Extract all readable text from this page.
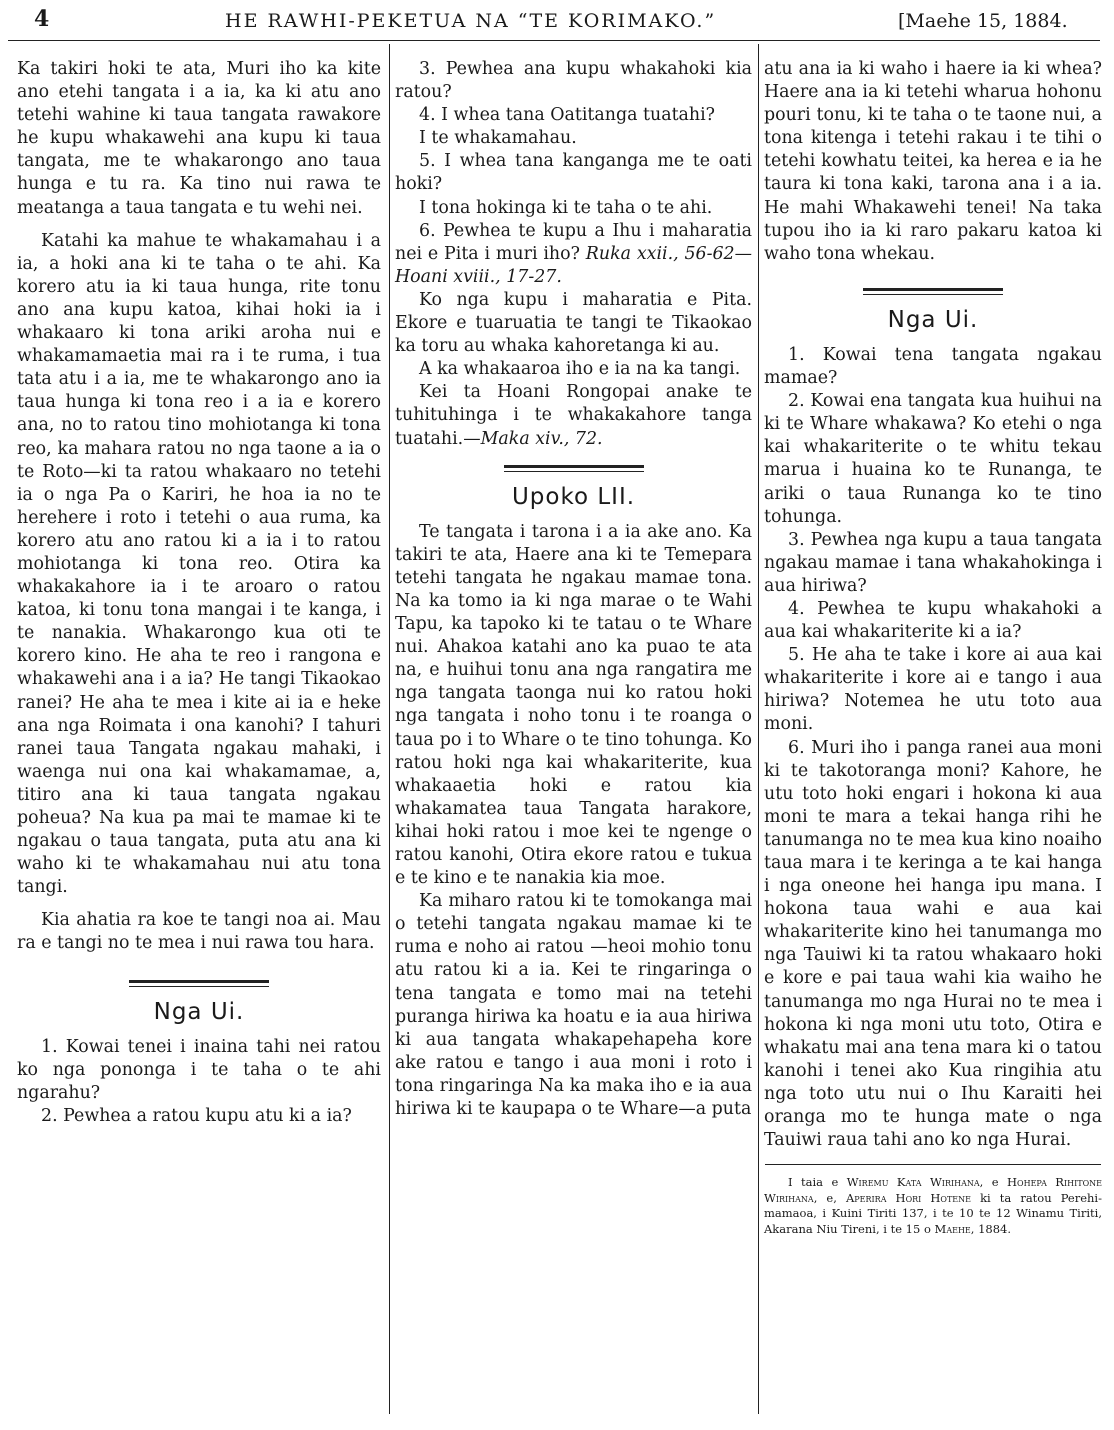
4	HE RAWHI-PEKETUA NA “TE KORIMAKO.”	[Maehe 15, 1884.

Ka takiri hoki te ata, Muri iho ka kite ano etehi tangata i a ia, ka ki atu ano tetehi wahine ki taua tangata rawakore he kupu whakawehi ana kupu ki taua tangata, me te whakarongo ano taua hunga e tu ra. Ka tino nui rawa te meatanga a taua tangata e tu wehi nei.

Katahi ka mahue te whakamahau i a ia, a hoki ana ki te taha o te ahi. Ka korero atu ia ki taua hunga, rite tonu ano ana kupu katoa, kihai hoki ia i whakaaro ki tona ariki aroha nui e whakamamaetia mai ra i te ruma, i tua tata atu i a ia, me te whakarongo ano ia taua hunga ki tona reo i a ia e korero ana, no to ratou tino mohiotanga ki tona reo, ka mahara ratou no nga taone a ia o te Roto—ki ta ratou whakaaro no tetehi ia o nga Pa o Kariri, he hoa ia no te herehere i roto i tetehi o aua ruma, ka korero atu ano ratou ki a ia i to ratou mohiotanga ki tona reo. Otira ka whakakahore ia i te aroaro o ratou katoa, ki tonu tona mangai i te kanga, i te nanakia. Whakarongo kua oti te korero kino. He aha te reo i rangona e whakawehi ana i a ia? He tangi Tikaokao ranei? He aha te mea i kite ai ia e heke ana nga Roimata i ona kanohi? I tahuri ranei taua Tangata ngakau mahaki, i waenga nui ona kai whakamamae, a, titiro ana ki taua tangata ngakau poheua? Na kua pa mai te mamae ki te ngakau o taua tangata, puta atu ana ki waho ki te whakamahau nui atu tona tangi.

Kia ahatia ra koe te tangi noa ai. Mau ra e tangi no te mea i nui rawa tou hara.

Nga Ui.

1. Kowai tenei i inaina tahi nei ratou ko nga pononga i te taha o te ahi ngarahu?

2. Pewhea a ratou kupu atu ki a ia?

3. Pewhea ana kupu whakahoki kia ratou?

4. I whea tana Oatitanga tuatahi?

I te whakamahau.

5. I whea tana kanganga me te oati hoki?

I tona hokinga ki te taha o te ahi.

6. Pewhea te kupu a Ihu i maharatia nei e Pita i muri iho? Ruka xxii., 56-62—Hoani xviii., 17-27.

Ko nga kupu i maharatia e Pita. Ekore e tuaruatia te tangi te Tikaokao ka toru au whaka kahoretanga ki au.

A ka whakaaroa iho e ia na ka tangi.

Kei ta Hoani Rongopai anake te tuhituhinga i te whakakahore tanga tuatahi.—Maka xiv., 72.

Upoko LII.

Te tangata i tarona i a ia ake ano. Ka takiri te ata, Haere ana ki te Temepara tetehi tangata he ngakau mamae tona. Na ka tomo ia ki nga marae o te Wahi Tapu, ka tapoko ki te tatau o te Whare nui. Ahakoa katahi ano ka puao te ata na, e huihui tonu ana nga rangatira me nga tangata taonga nui ko ratou hoki nga tangata i noho tonu i te roanga o taua po i to Whare o te tino tohunga. Ko ratou hoki nga kai whakariterite, kua whakaaetia hoki e ratou kia whakamatea taua Tangata harakore, kihai hoki ratou i moe kei te ngenge o ratou kanohi, Otira ekore ratou e tukua e te kino e te nanakia kia moe.

Ka miharo ratou ki te tomokanga mai o tetehi tangata ngakau mamae ki te ruma e noho ai ratou —heoi mohio tonu atu ratou ki a ia. Kei te ringaringa o tena tangata e tomo mai na tetehi puranga hiriwa ka hoatu e ia aua hiriwa ki aua tangata whakapehapeha kore ake ratou e tango i aua moni i roto i tona ringaringa Na ka maka iho e ia aua hiriwa ki te kaupapa o te Whare—a puta

atu ana ia ki waho i haere ia ki whea? Haere ana ia ki tetehi wharua hohonu pouri tonu, ki te taha o te taone nui, a tona kitenga i tetehi rakau i te tihi o tetehi kowhatu teitei, ka herea e ia he taura ki tona kaki, tarona ana i a ia. He mahi Whakawehi tenei! Na taka tupou iho ia ki raro pakaru katoa ki waho tona whekau.

Nga Ui.

1. Kowai tena tangata ngakau mamae?

2. Kowai ena tangata kua huihui na ki te Whare whakawa? Ko etehi o nga kai whakariterite o te whitu tekau marua i huaina ko te Runanga, te ariki o taua Runanga ko te tino tohunga.

3. Pewhea nga kupu a taua tangata ngakau mamae i tana whakahokinga i aua hiriwa?

4. Pewhea te kupu whakahoki a aua kai whakariterite ki a ia?

5. He aha te take i kore ai aua kai whakariterite i kore ai e tango i aua hiriwa? Notemea he utu toto aua moni.

6. Muri iho i panga ranei aua moni ki te takotoranga moni? Kahore, he utu toto hoki engari i hokona ki aua moni te mara a tekai hanga rihi he tanumanga no te mea kua kino noaiho taua mara i te keringa a te kai hanga i nga oneone hei hanga ipu mana. I hokona taua wahi e aua kai whakariterite kino hei tanumanga mo nga Tauiwi ki ta ratou whakaaro hoki e kore e pai taua wahi kia waiho he tanumanga mo nga Hurai no te mea i hokona ki nga moni utu toto, Otira e whakatu mai ana tena mara ki o tatou kanohi i tenei ako Kua ringihia atu nga toto utu nui o Ihu Karaiti hei oranga mo te hunga mate o nga Tauiwi raua tahi ano ko nga Hurai.

I taia e Wiremu Kata Wirihana, e Hohepa Rihitone Wirihana, e, Aperira Hori Hotene ki ta ratou Perehi-mamaoa, i Kuini Tiriti 137, i te 10 te 12 Winamu Tiriti, Akarana Niu Tireni, i te 15 o Maehe, 1884.
